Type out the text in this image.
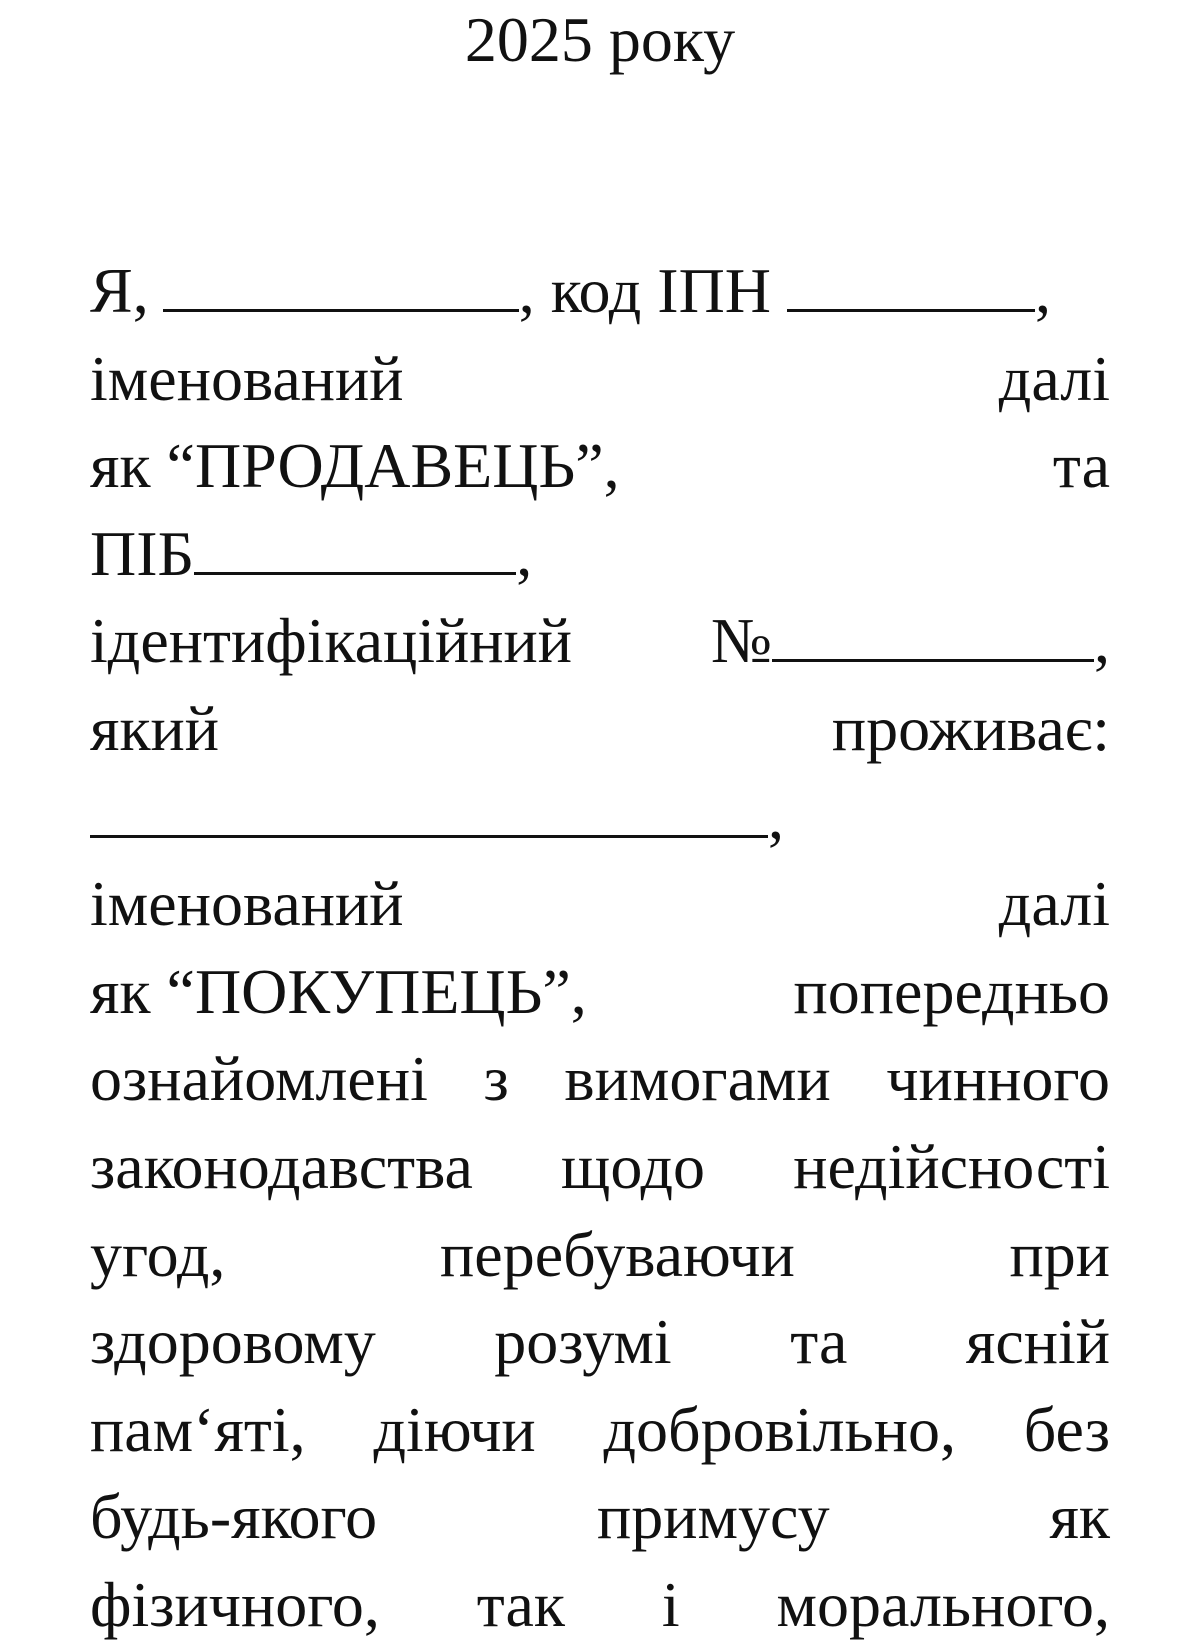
2025 року
Я,	, код ІПН	,
іменований	далі
як “ПРОДАВЕЦЬ”,	та
ПІБ	,
ідентифікаційний №	,
який	проживає:
,
іменований	далі
як “ПОКУПЕЦЬ”,	попередньо
ознайомлені з вимогами чинного
законодавства щодо недійсності
угод,	перебуваючи	при
здоровому розумі та ясній
пам‘яті, діючи добровільно, без
будь-якого	примусу	як
фізичного, так і морального,
